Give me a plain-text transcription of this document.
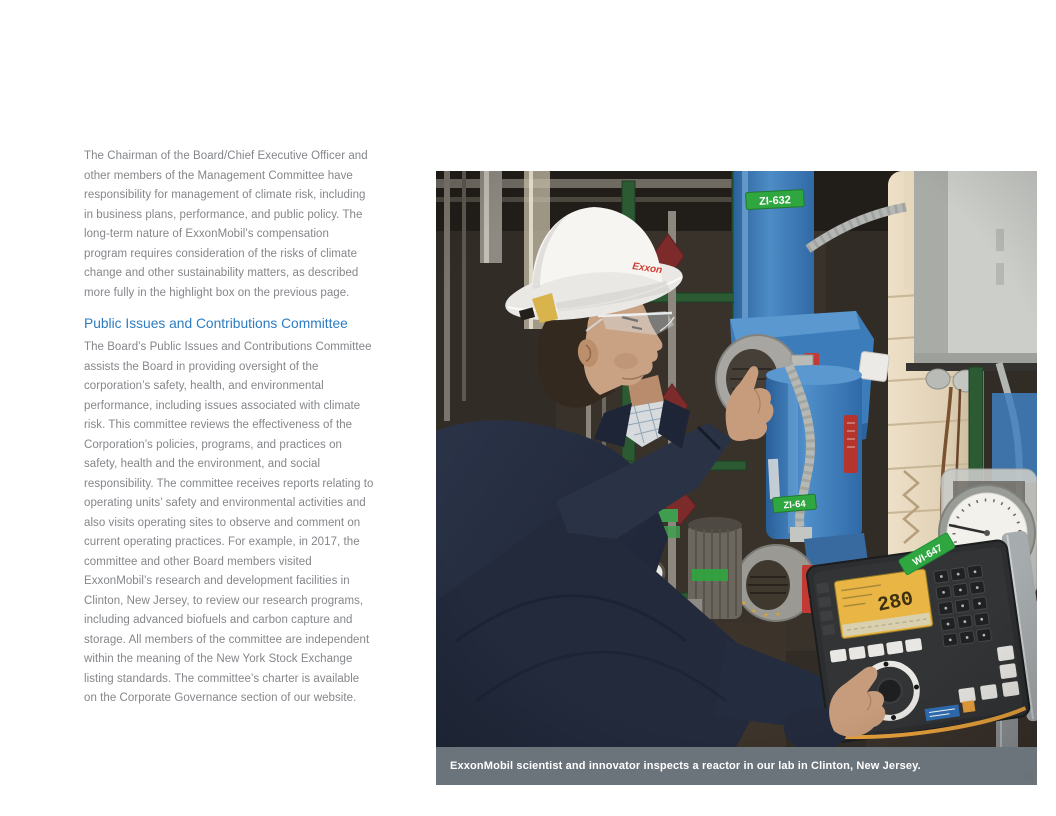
The Chairman of the Board/Chief Executive Officer and other members of the Management Committee have responsibility for management of climate risk, including in business plans, performance, and public policy. The long-term nature of ExxonMobil’s compensation program requires consideration of the risks of climate change and other sustainability matters, as described more fully in the highlight box on the previous page.

Public Issues and Contributions Committee

The Board’s Public Issues and Contributions Committee assists the Board in providing oversight of the corporation’s safety, health, and environmental performance, including issues associated with climate risk. This committee reviews the effectiveness of the Corporation’s policies, programs, and practices on safety, health and the environment, and social responsibility. The committee receives reports relating to operating units’ safety and environmental activities and also visits operating sites to observe and comment on current operating practices. For example, in 2017, the committee and other Board members visited ExxonMobil’s research and development facilities in Clinton, New Jersey, to review our research programs, including advanced biofuels and carbon capture and storage. All members of the committee are independent within the meaning of the New York Stock Exchange listing standards. The committee’s charter is available on the Corporate Governance section of our website.

ExxonMobil scientist and innovator inspects a reactor in our lab in Clinton, New Jersey.
23
